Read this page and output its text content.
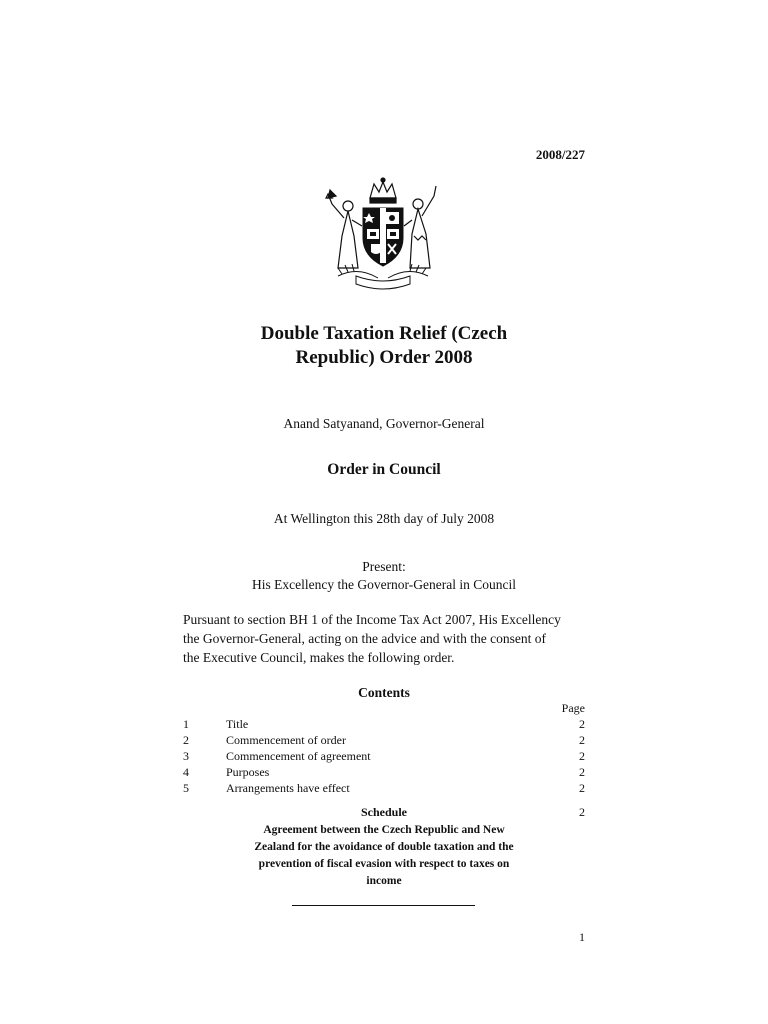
2008/227
Double Taxation Relief (Czech
Republic) Order 2008
Anand Satyanand, Governor-General
Order in Council
At Wellington this 28th day of July 2008
Present:
His Excellency the Governor-General in Council
Pursuant to section BH 1 of the Income Tax Act 2007, His Excellency
the Governor-General, acting on the advice and with the consent of
the Executive Council, makes the following order.
Contents
Page
1	Title	2
2	Commencement of order	2
3	Commencement of agreement	2
4	Purposes	2
5	Arrangements have effect	2
Schedule	2
Agreement between the Czech Republic and New
Zealand for the avoidance of double taxation and the
prevention of fiscal evasion with respect to taxes on
income
1
